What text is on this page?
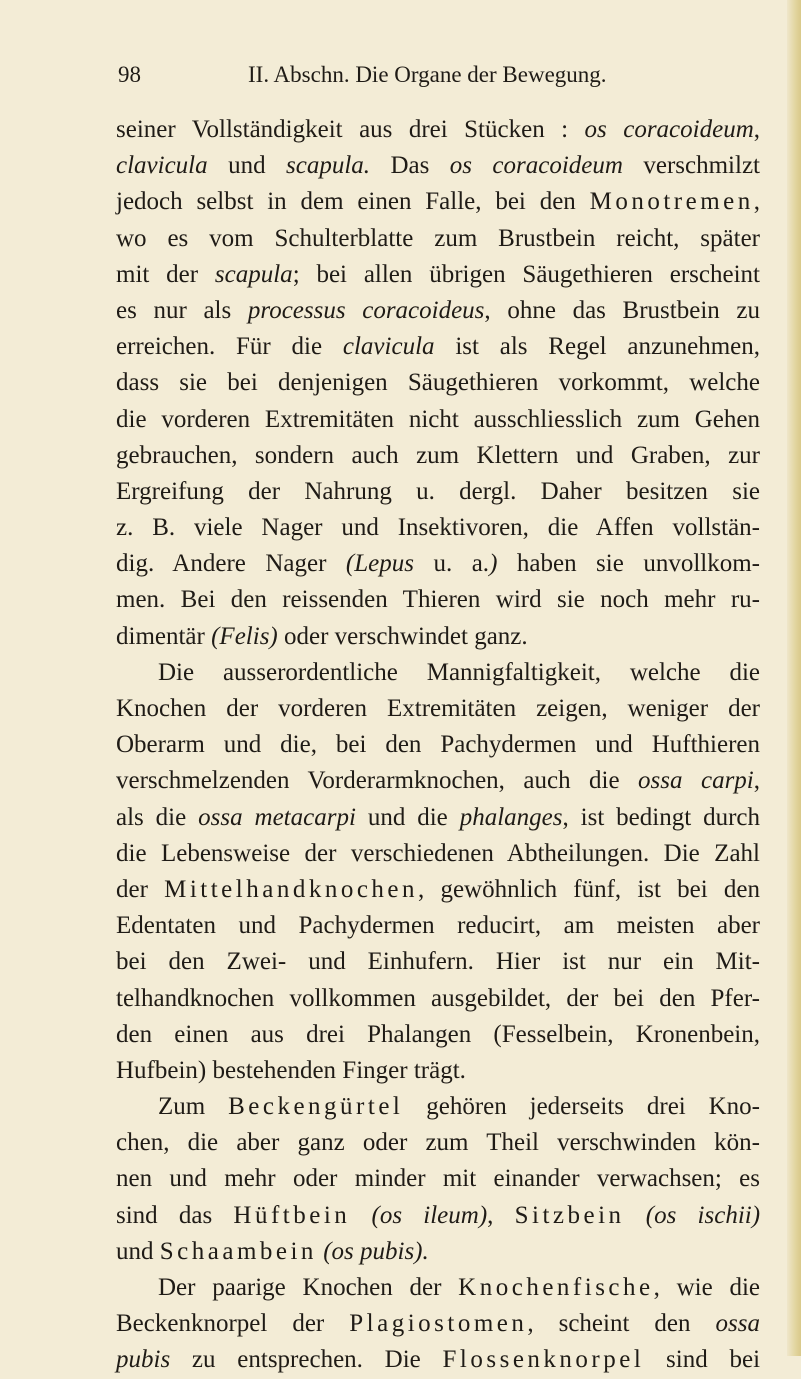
98	II. Abschn. Die Organe der Bewegung.
seiner Vollständigkeit aus drei Stücken : os coracoideum,
clavicula und scapula. Das os coracoideum verschmilzt
jedoch selbst in dem einen Falle, bei den Monotremen,
wo es vom Schulterblatte zum Brustbein reicht, später
mit der scapula; bei allen übrigen Säugethieren erscheint
es nur als processus coracoideus, ohne das Brustbein zu
erreichen. Für die clavicula ist als Regel anzunehmen,
dass sie bei denjenigen Säugethieren vorkommt, welche
die vorderen Extremitäten nicht ausschliesslich zum Gehen
gebrauchen, sondern auch zum Klettern und Graben, zur
Ergreifung der Nahrung u. dergl. Daher besitzen sie
z. B. viele Nager und Insektivoren, die Affen vollstän-
dig. Andere Nager (Lepus u. a.) haben sie unvollkom-
men. Bei den reissenden Thieren wird sie noch mehr ru-
dimentär (Felis) oder verschwindet ganz.
Die ausserordentliche Mannigfaltigkeit, welche die
Knochen der vorderen Extremitäten zeigen, weniger der
Oberarm und die, bei den Pachydermen und Hufthieren
verschmelzenden Vorderarmknochen, auch die ossa carpi,
als die ossa metacarpi und die phalanges, ist bedingt durch
die Lebensweise der verschiedenen Abtheilungen. Die Zahl
der Mittelhandknochen, gewöhnlich fünf, ist bei den
Edentaten und Pachydermen reducirt, am meisten aber
bei den Zwei- und Einhufern. Hier ist nur ein Mit-
telhandknochen vollkommen ausgebildet, der bei den Pfer-
den einen aus drei Phalangen (Fesselbein, Kronenbein,
Hufbein) bestehenden Finger trägt.
Zum Beckengürtel gehören jederseits drei Kno-
chen, die aber ganz oder zum Theil verschwinden kön-
nen und mehr oder minder mit einander verwachsen; es
sind das Hüftbein (os ileum), Sitzbein (os ischii)
und Schaambein (os pubis).
Der paarige Knochen der Knochenfische, wie die
Beckenknorpel der Plagiostomen, scheint den ossa
pubis zu entsprechen. Die Flossenknorpel sind bei
